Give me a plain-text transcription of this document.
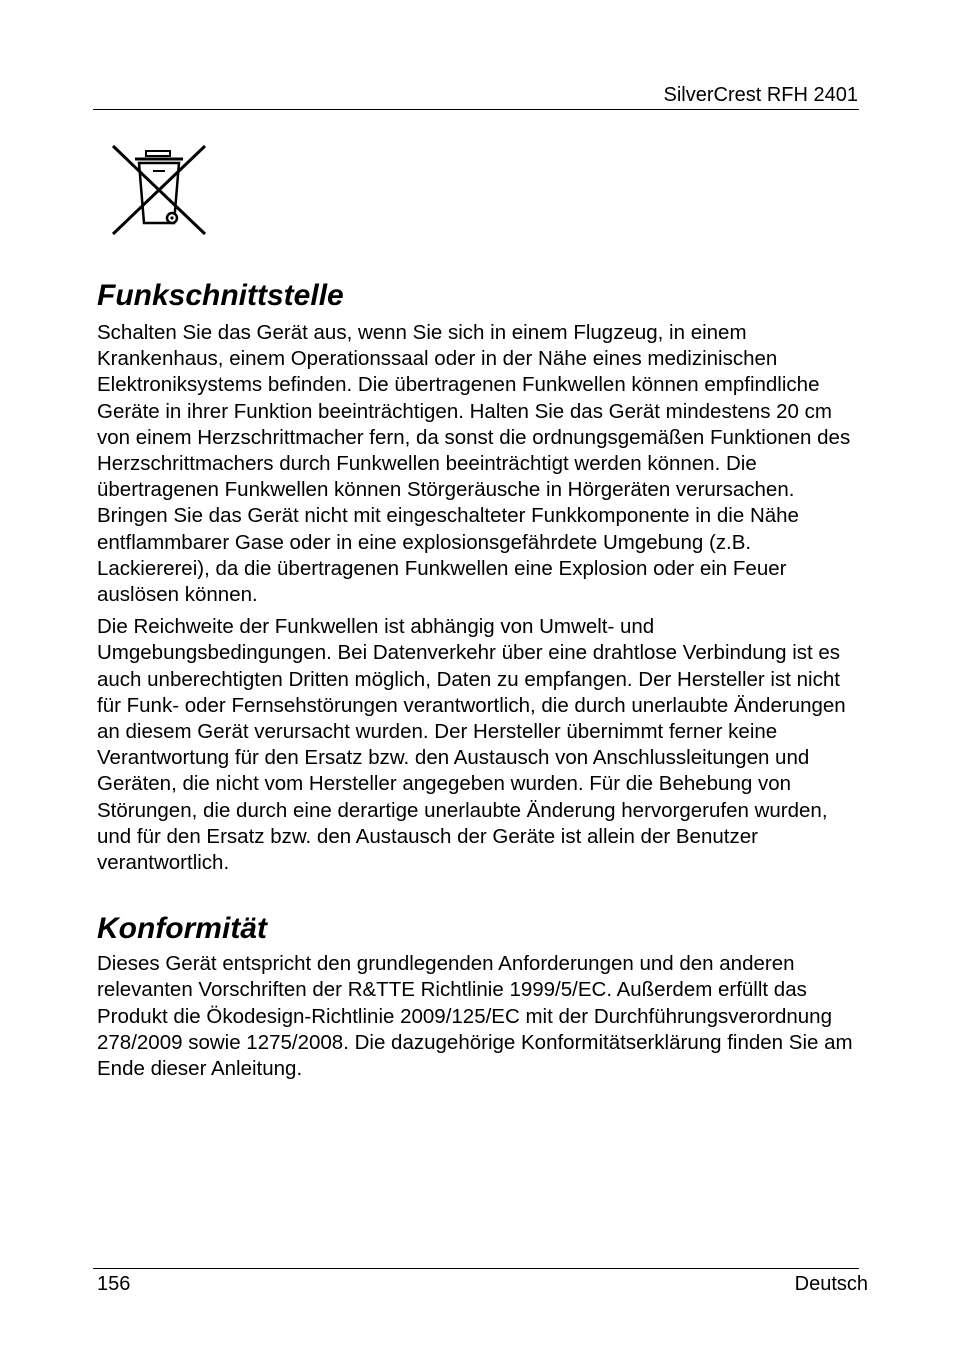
SilverCrest RFH 2401
Funkschnittstelle

Schalten Sie das Gerät aus, wenn Sie sich in einem Flugzeug, in einem Krankenhaus, einem Operationssaal oder in der Nähe eines medizinischen Elektroniksystems befinden. Die übertragenen Funkwellen können empfindliche Geräte in ihrer Funktion beeinträchtigen. Halten Sie das Gerät mindestens 20 cm von einem Herzschrittmacher fern, da sonst die ordnungsgemäßen Funktionen des Herzschrittmachers durch Funkwellen beeinträchtigt werden können. Die übertragenen Funkwellen können Störgeräusche in Hörgeräten verursachen. Bringen Sie das Gerät nicht mit eingeschalteter Funkkomponente in die Nähe entflammbarer Gase oder in eine explosionsgefährdete Umgebung (z.B. Lackiererei), da die übertragenen Funkwellen eine Explosion oder ein Feuer auslösen können.

Die Reichweite der Funkwellen ist abhängig von Umwelt- und Umgebungsbedingungen. Bei Datenverkehr über eine drahtlose Verbindung ist es auch unberechtigten Dritten möglich, Daten zu empfangen. Der Hersteller ist nicht für Funk- oder Fernsehstörungen verantwortlich, die durch unerlaubte Änderungen an diesem Gerät verursacht wurden. Der Hersteller übernimmt ferner keine Verantwortung für den Ersatz bzw. den Austausch von Anschlussleitungen und Geräten, die nicht vom Hersteller angegeben wurden. Für die Behebung von Störungen, die durch eine derartige unerlaubte Änderung hervorgerufen wurden, und für den Ersatz bzw. den Austausch der Geräte ist allein der Benutzer verantwortlich.

Konformität

Dieses Gerät entspricht den grundlegenden Anforderungen und den anderen relevanten Vorschriften der R&TTE Richtlinie 1999/5/EC. Außerdem erfüllt das Produkt die Ökodesign-Richtlinie 2009/125/EC mit der Durchführungsverordnung 278/2009 sowie 1275/2008. Die dazugehörige Konformitätserklärung finden Sie am Ende dieser Anleitung.

156	Deutsch
